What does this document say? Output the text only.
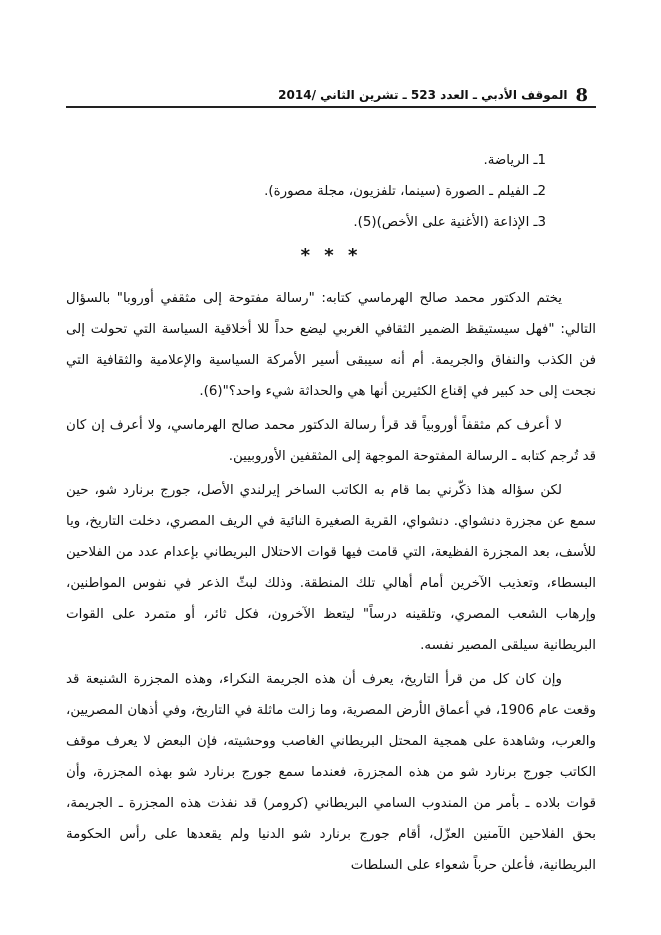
8
الموقف الأدبي ـ العدد 523 ـ تشرين الثاني /2014
1ـ الرياضة.
2ـ الفيلم ـ الصورة (سينما، تلفزيون، مجلة مصورة).
3ـ الإذاعة (الأغنية على الأخص)(5).
* * *

يختم الدكتور محمد صالح الهرماسي كتابه: "رسالة مفتوحة إلى مثقفي أوروبا" بالسؤال التالي: "فهل سيستيقظ الضمير الثقافي الغربي ليضع حداً للا أخلاقية السياسة التي تحولت إلى فن الكذب والنفاق والجريمة. أم أنه سيبقى أسير الأمركة السياسية والإعلامية والثقافية التي نجحت إلى حد كبير في إقناع الكثيرين أنها هي والحداثة شيء واحد؟"(6).

لا أعرف كم مثقفاً أوروبياً قد قرأ رسالة الدكتور محمد صالح الهرماسي، ولا أعرف إن كان قد تُرجم كتابه ـ الرسالة المفتوحة الموجهة إلى المثقفين الأوروبيين.

لكن سؤاله هذا ذكّرني بما قام به الكاتب الساخر إيرلندي الأصل، جورج برنارد شو، حين سمع عن مجزرة دنشواي. دنشواي، القرية الصغيرة النائية في الريف المصري، دخلت التاريخ، ويا للأسف، بعد المجزرة الفظيعة، التي قامت فيها قوات الاحتلال البريطاني بإعدام عدد من الفلاحين البسطاء، وتعذيب الآخرين أمام أهالي تلك المنطقة. وذلك لبثّ الذعر في نفوس المواطنين، وإرهاب الشعب المصري، وتلقينه درساً" ليتعظ الآخرون، فكل ثائر، أو متمرد على القوات البريطانية سيلقى المصير نفسه.

وإن كان كل من قرأ التاريخ، يعرف أن هذه الجريمة النكراء، وهذه المجزرة الشنيعة قد وقعت عام 1906، في أعماق الأرض المصرية، وما زالت ماثلة في التاريخ، وفي أذهان المصريين، والعرب، وشاهدة على همجية المحتل البريطاني الغاصب ووحشيته، فإن البعض لا يعرف موقف الكاتب جورج برنارد شو من هذه المجزرة، فعندما سمع جورج برنارد شو بهذه المجزرة، وأن قوات بلاده ـ بأمر من المندوب السامي البريطاني (كرومر) قد نفذت هذه المجزرة ـ الجريمة، بحق الفلاحين الآمنين العزّل، أقام جورج برنارد شو الدنيا ولم يقعدها على رأس الحكومة البريطانية، فأعلن حرباً شعواء على السلطات
